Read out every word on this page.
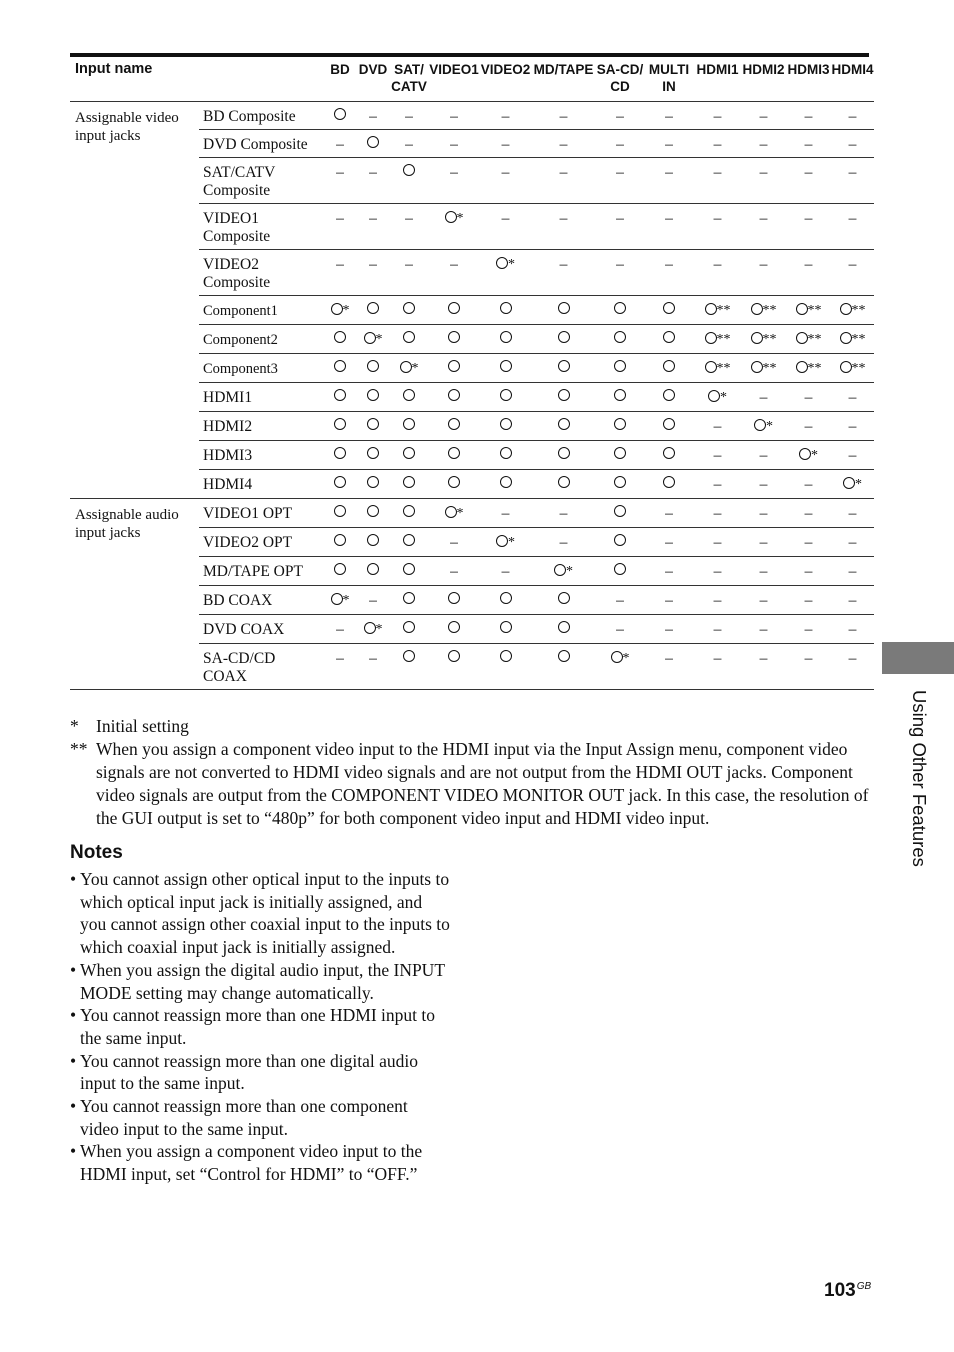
Input name		BD	DVD	SAT/
CATV	VIDEO1	VIDEO2	MD/TAPE	SA-CD/
CD	MULTI
IN	HDMI1	HDMI2	HDMI3	HDMI4
Assignable video input jacks	BD Composite		–	–	–	–	–	–	–	–	–	–	–
	DVD Composite	–		–	–	–	–	–	–	–	–	–	–
	SAT/CATV
Composite	–	–		–	–	–	–	–	–	–	–	–
	VIDEO1
Composite	–	–	–	*	–	–	–	–	–	–	–	–
	VIDEO2
Composite	–	–	–	–	*	–	–	–	–	–	–	–
	Component1	*								**	**	**	**
	Component2		*							**	**	**	**
	Component3			*						**	**	**	**
	HDMI1									*	–	–	–
	HDMI2									–	*	–	–
	HDMI3									–	–	*	–
	HDMI4									–	–	–	*
Assignable audio input jacks	VIDEO1 OPT				*	–	–		–	–	–	–	–
	VIDEO2 OPT				–	*	–		–	–	–	–	–
	MD/TAPE OPT				–	–	*		–	–	–	–	–
	BD COAX	*	–					–	–	–	–	–	–
	DVD COAX	–	*					–	–	–	–	–	–
	SA-CD/CD
COAX	–	–					*	–	–	–	–	–
* Initial setting
** When you assign a component video input to the HDMI input via the Input Assign menu, component video signals are not converted to HDMI video signals and are not output from the HDMI OUT jacks. Component video signals are output from the COMPONENT VIDEO MONITOR OUT jack. In this case, the resolution of the GUI output is set to “480p” for both component video input and HDMI video input.
Notes
• You cannot assign other optical input to the inputs to which optical input jack is initially assigned, and you cannot assign other coaxial input to the inputs to which coaxial input jack is initially assigned.
• When you assign the digital audio input, the INPUT MODE setting may change automatically.
• You cannot reassign more than one HDMI input to the same input.
• You cannot reassign more than one digital audio input to the same input.
• You cannot reassign more than one component video input to the same input.
• When you assign a component video input to the HDMI input, set “Control for HDMI” to “OFF.”
Using Other Features
$103^{GB}$
